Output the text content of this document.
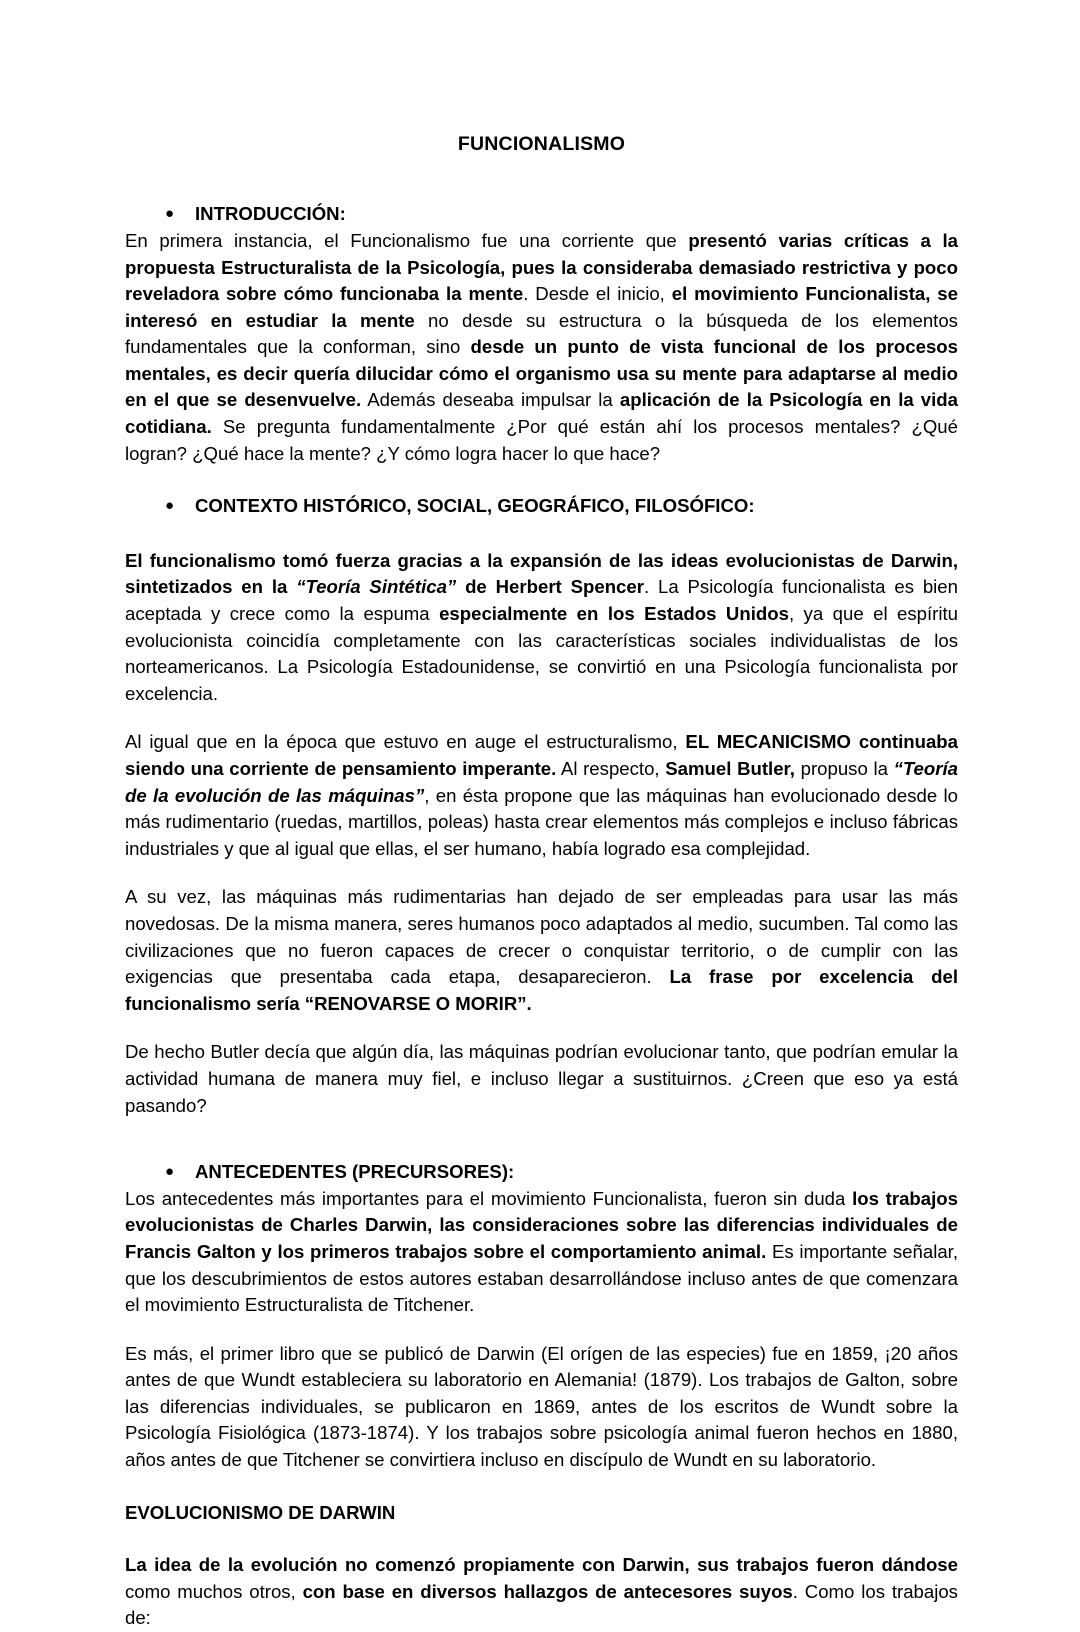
FUNCIONALISMO
●	INTRODUCCIÓN:

En primera instancia, el Funcionalismo fue una corriente que presentó varias críticas a la propuesta Estructuralista de la Psicología, pues la consideraba demasiado restrictiva y poco reveladora sobre cómo funcionaba la mente. Desde el inicio, el movimiento Funcionalista, se interesó en estudiar la mente no desde su estructura o la búsqueda de los elementos fundamentales que la conforman, sino desde un punto de vista funcional de los procesos mentales, es decir quería dilucidar cómo el organismo usa su mente para adaptarse al medio en el que se desenvuelve. Además deseaba impulsar la aplicación de la Psicología en la vida cotidiana. Se pregunta fundamentalmente ¿Por qué están ahí los procesos mentales? ¿Qué logran? ¿Qué hace la mente? ¿Y cómo logra hacer lo que hace?

●	CONTEXTO HISTÓRICO, SOCIAL, GEOGRÁFICO, FILOSÓFICO:

El funcionalismo tomó fuerza gracias a la expansión de las ideas evolucionistas de Darwin, sintetizados en la “Teoría Sintética” de Herbert Spencer. La Psicología funcionalista es bien aceptada y crece como la espuma especialmente en los Estados Unidos, ya que el espíritu evolucionista coincidía completamente con las características sociales individualistas de los norteamericanos. La Psicología Estadounidense, se convirtió en una Psicología funcionalista por excelencia.

Al igual que en la época que estuvo en auge el estructuralismo, EL MECANICISMO continuaba siendo una corriente de pensamiento imperante. Al respecto, Samuel Butler, propuso la “Teoría de la evolución de las máquinas”, en ésta propone que las máquinas han evolucionado desde lo más rudimentario (ruedas, martillos, poleas) hasta crear elementos más complejos e incluso fábricas industriales y que al igual que ellas, el ser humano, había logrado esa complejidad.

A su vez, las máquinas más rudimentarias han dejado de ser empleadas para usar las más novedosas. De la misma manera, seres humanos poco adaptados al medio, sucumben. Tal como las civilizaciones que no fueron capaces de crecer o conquistar territorio, o de cumplir con las exigencias que presentaba cada etapa, desaparecieron. La frase por excelencia del funcionalismo sería “RENOVARSE O MORIR”.

De hecho Butler decía que algún día, las máquinas podrían evolucionar tanto, que podrían emular la actividad humana de manera muy fiel, e incluso llegar a sustituirnos. ¿Creen que eso ya está pasando?

●	ANTECEDENTES (PRECURSORES):

Los antecedentes más importantes para el movimiento Funcionalista, fueron sin duda los trabajos evolucionistas de Charles Darwin, las consideraciones sobre las diferencias individuales de Francis Galton y los primeros trabajos sobre el comportamiento animal. Es importante señalar, que los descubrimientos de estos autores estaban desarrollándose incluso antes de que comenzara el movimiento Estructuralista de Titchener.

Es más, el primer libro que se publicó de Darwin (El orígen de las especies) fue en 1859, ¡20 años antes de que Wundt estableciera su laboratorio en Alemania! (1879). Los trabajos de Galton, sobre las diferencias individuales, se publicaron en 1869, antes de los escritos de Wundt sobre la Psicología Fisiológica (1873-1874). Y los trabajos sobre psicología animal fueron hechos en 1880, años antes de que Titchener se convirtiera incluso en discípulo de Wundt en su laboratorio.

EVOLUCIONISMO DE DARWIN

La idea de la evolución no comenzó propiamente con Darwin, sus trabajos fueron dándose como muchos otros, con base en diversos hallazgos de antecesores suyos. Como los trabajos de:
